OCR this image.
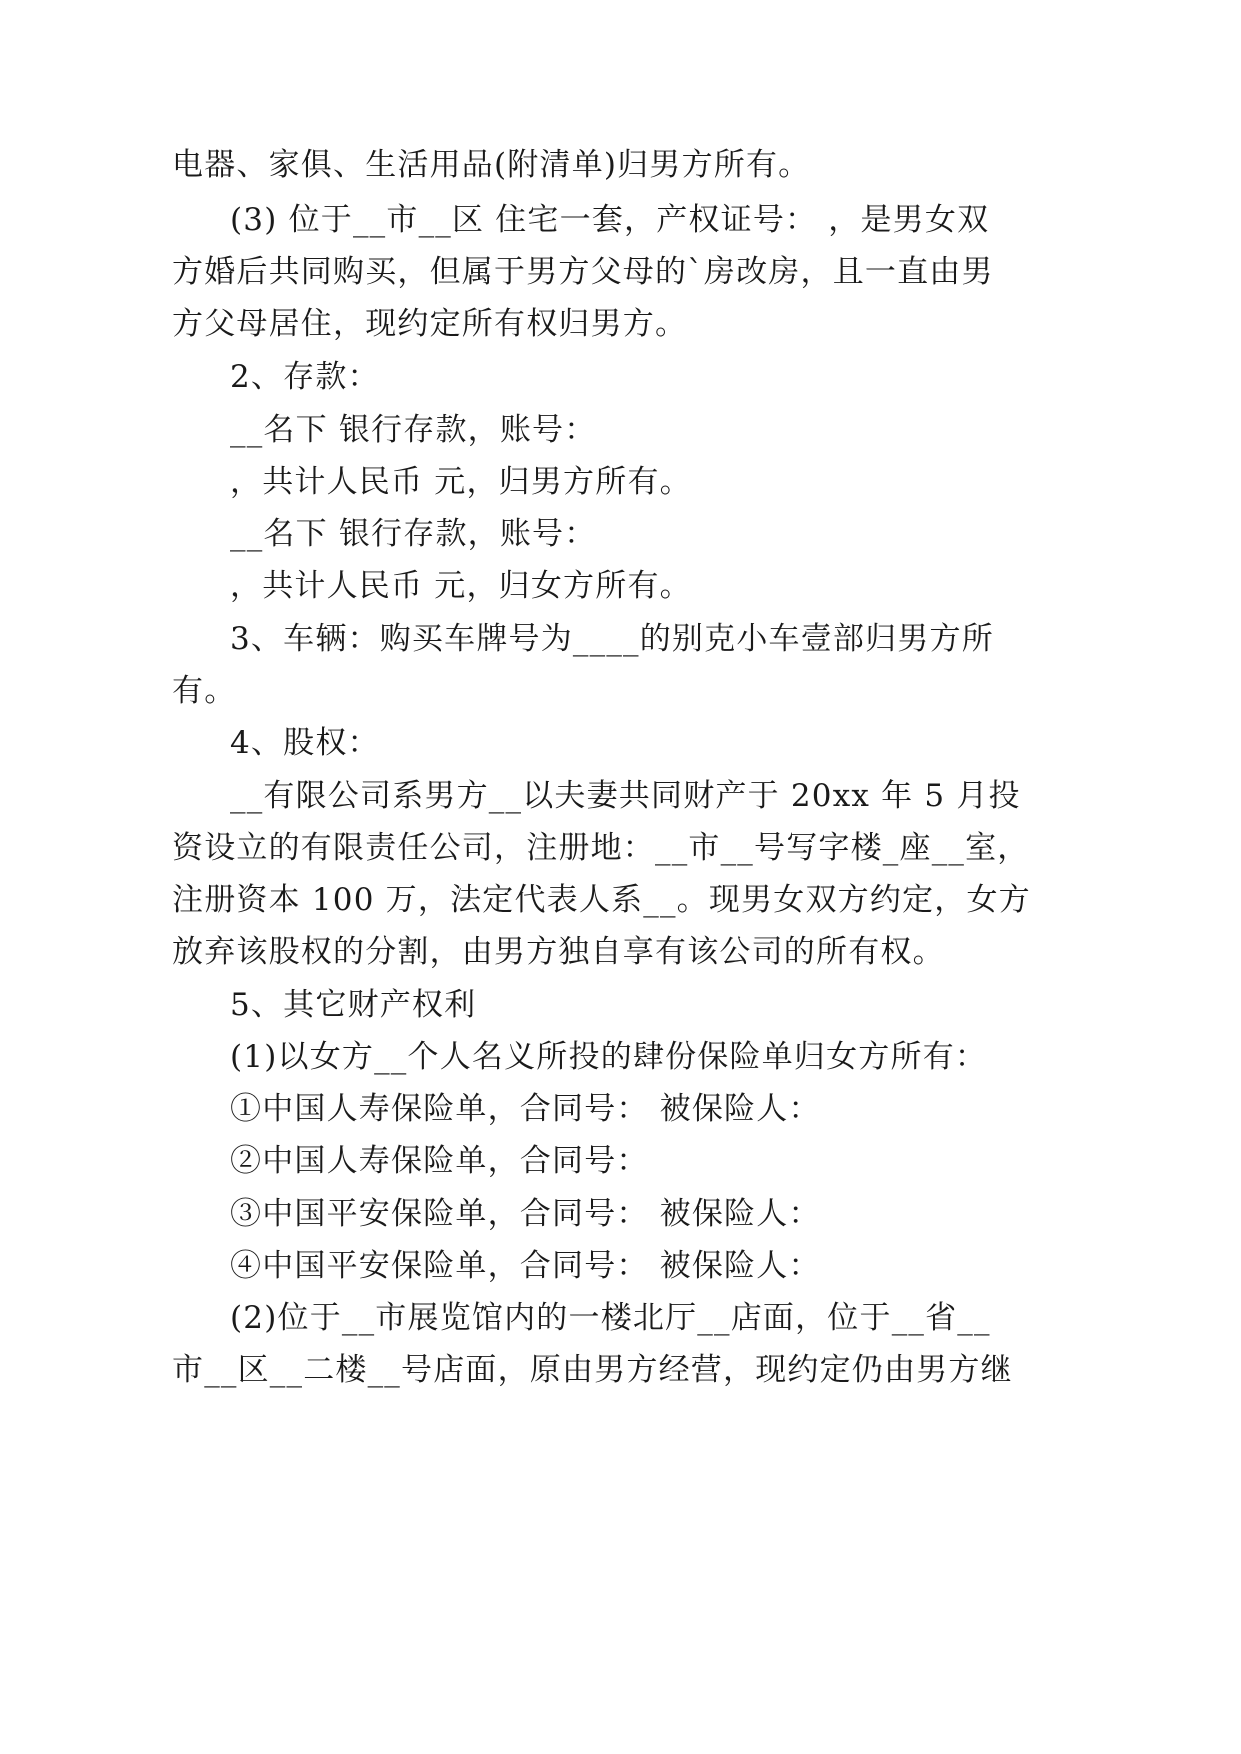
电器、家俱、生活用品(附清单)归男方所有。
(3) 位于__市__区 住宅一套，产权证号： ，是男女双
方婚后共同购买，但属于男方父母的`房改房，且一直由男
方父母居住，现约定所有权归男方。
2、存款：
__名下 银行存款，账号：
，共计人民币 元，归男方所有。
__名下 银行存款，账号：
，共计人民币 元，归女方所有。
3、车辆：购买车牌号为____的别克小车壹部归男方所
有。
4、股权：
__有限公司系男方__以夫妻共同财产于 20xx 年 5 月投
资设立的有限责任公司，注册地：__市__号写字楼_座__室，
注册资本 100 万，法定代表人系__。现男女双方约定，女方
放弃该股权的分割，由男方独自享有该公司的所有权。
5、其它财产权利
(1)以女方__个人名义所投的肆份保险单归女方所有：
①中国人寿保险单，合同号： 被保险人：
②中国人寿保险单，合同号：
③中国平安保险单，合同号： 被保险人：
④中国平安保险单，合同号： 被保险人：
(2)位于__市展览馆内的一楼北厅__店面，位于__省__
市__区__二楼__号店面，原由男方经营，现约定仍由男方继
